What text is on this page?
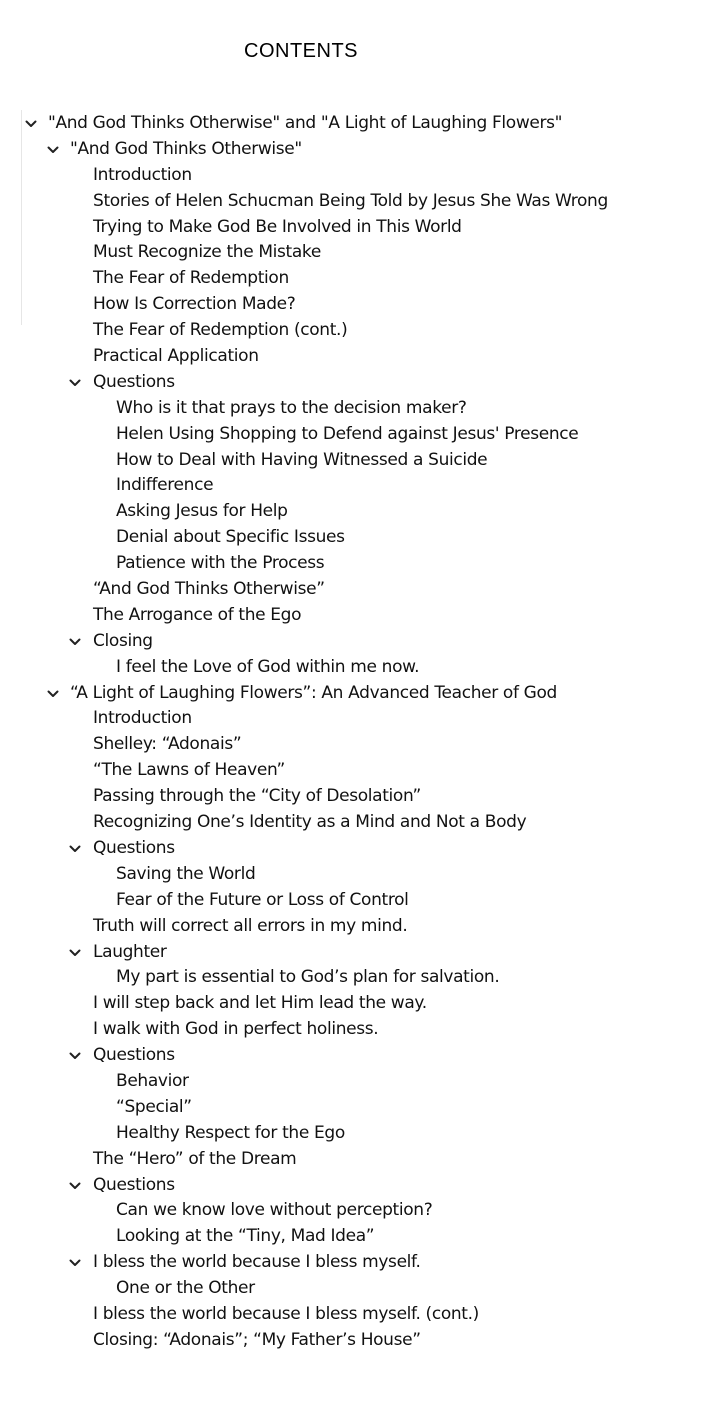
CONTENTS
"And God Thinks Otherwise" and "A Light of Laughing Flowers"
"And God Thinks Otherwise"
Introduction
Stories of Helen Schucman Being Told by Jesus She Was Wrong
Trying to Make God Be Involved in This World
Must Recognize the Mistake
The Fear of Redemption
How Is Correction Made?
The Fear of Redemption (cont.)
Practical Application
Questions
Who is it that prays to the decision maker?
Helen Using Shopping to Defend against Jesus' Presence
How to Deal with Having Witnessed a Suicide
Indifference
Asking Jesus for Help
Denial about Specific Issues
Patience with the Process
“And God Thinks Otherwise”
The Arrogance of the Ego
Closing
I feel the Love of God within me now.
“A Light of Laughing Flowers”: An Advanced Teacher of God
Introduction
Shelley: “Adonais”
“The Lawns of Heaven”
Passing through the “City of Desolation”
Recognizing One’s Identity as a Mind and Not a Body
Questions
Saving the World
Fear of the Future or Loss of Control
Truth will correct all errors in my mind.
Laughter
My part is essential to God’s plan for salvation.
I will step back and let Him lead the way.
I walk with God in perfect holiness.
Questions
Behavior
“Special”
Healthy Respect for the Ego
The “Hero” of the Dream
Questions
Can we know love without perception?
Looking at the “Tiny, Mad Idea”
I bless the world because I bless myself.
One or the Other
I bless the world because I bless myself. (cont.)
Closing: “Adonais”; “My Father’s House”
